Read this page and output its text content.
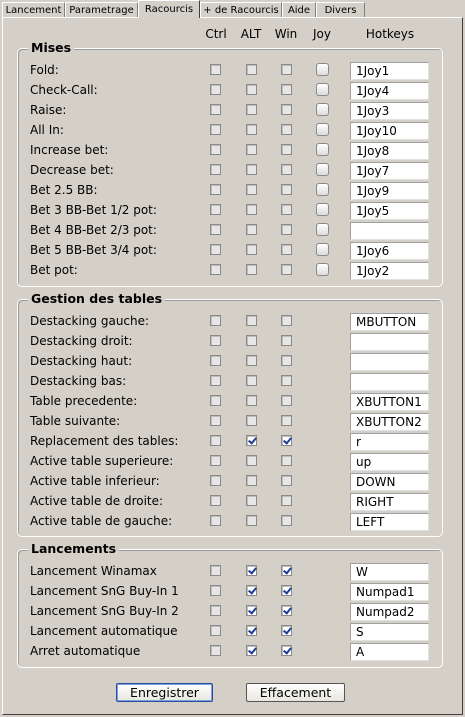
Lancement Parametrage	Racourcis	+ de Racourcis Aide	Divers
Ctrl	ALT	Win	Joy	Hotkeys
Enregistrer	Effacement
Mises
Fold:	1Joy1
Check-Call:	1Joy4
Raise:	1Joy3
All In:	1Joy10
Increase bet:	1Joy8
Decrease bet:	1Joy7
Bet 2.5 BB:	1Joy9
Bet 3 BB-Bet 1/2 pot:	1Joy5
Bet 4 BB-Bet 2/3 pot:
Bet 5 BB-Bet 3/4 pot:	1Joy6
Bet pot:	1Joy2
Gestion des tables
Destacking gauche:	MBUTTON
Destacking droit:
Destacking haut:
Destacking bas:
Table precedente:	XBUTTON1
Table suivante:	XBUTTON2
Replacement des tables:	r
Active table superieure:	up
Active table inferieur:	DOWN
Active table de droite:	RIGHT
Active table de gauche:	LEFT
Lancements
Lancement Winamax	W
Lancement SnG Buy-In 1	Numpad1
Lancement SnG Buy-In 2	Numpad2
Lancement automatique	S
Arret automatique	A
